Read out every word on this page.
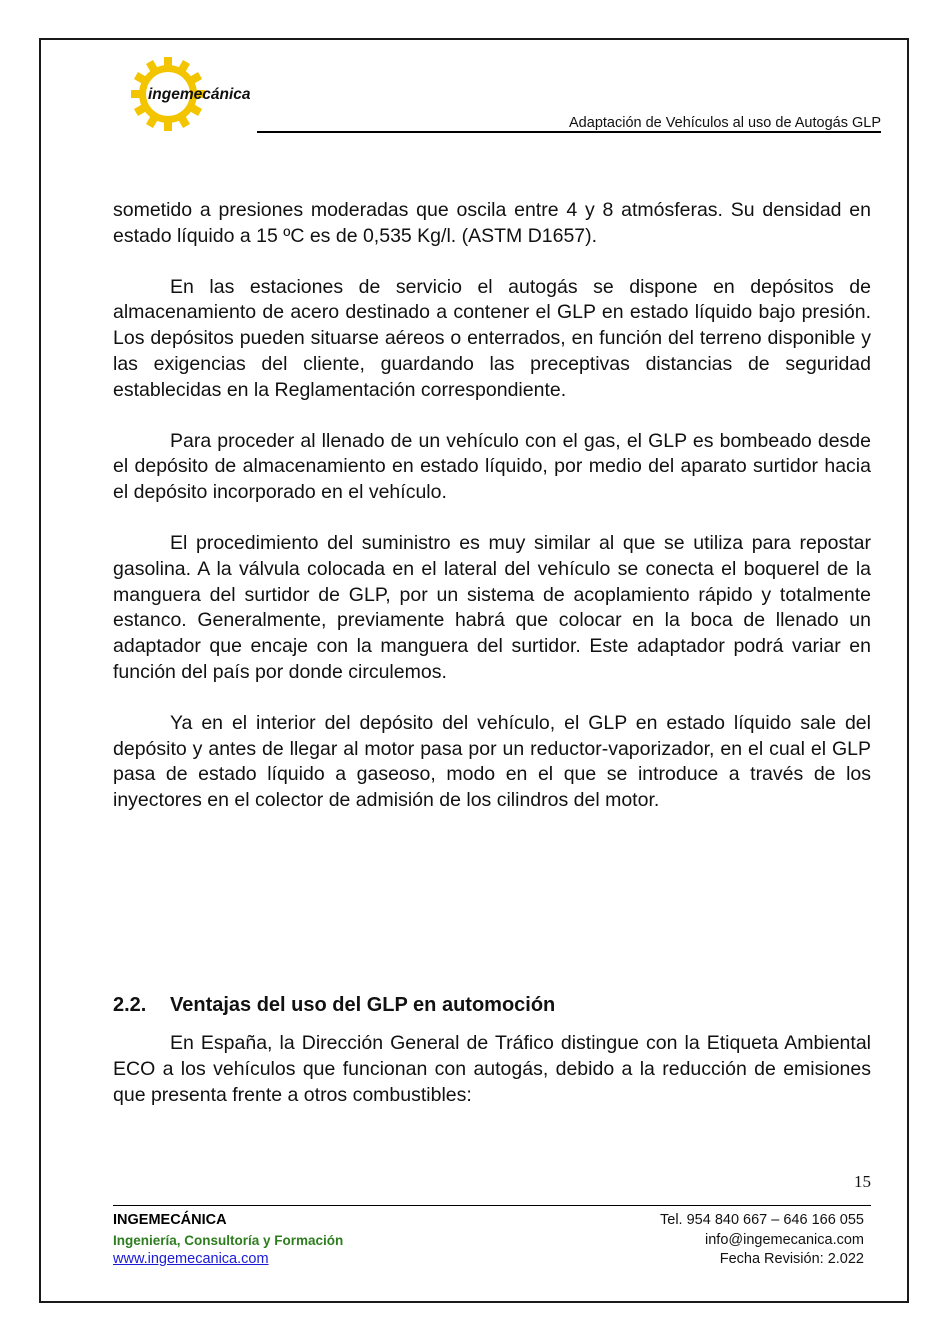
ingemecánica
Adaptación de Vehículos al uso de Autogás GLP

sometido a presiones moderadas que oscila entre 4 y 8 atmósferas. Su densidad en estado líquido a 15 ºC es de 0,535 Kg/l. (ASTM D1657).

En las estaciones de servicio el autogás se dispone en depósitos de almacenamiento de acero destinado a contener el GLP en estado líquido bajo presión. Los depósitos pueden situarse aéreos o enterrados, en función del terreno disponible y las exigencias del cliente, guardando las preceptivas distancias de seguridad establecidas en la Reglamentación correspondiente.

Para proceder al llenado de un vehículo con el gas, el GLP es bombeado desde el depósito de almacenamiento en estado líquido, por medio del aparato surtidor hacia el depósito incorporado en el vehículo.

El procedimiento del suministro es muy similar al que se utiliza para repostar gasolina. A la válvula colocada en el lateral del vehículo se conecta el boquerel de la manguera del surtidor de GLP, por un sistema de acoplamiento rápido y totalmente estanco. Generalmente, previamente habrá que colocar en la boca de llenado un adaptador que encaje con la manguera del surtidor. Este adaptador podrá variar en función del país por donde circulemos.

Ya en el interior del depósito del vehículo, el GLP en estado líquido sale del depósito y antes de llegar al motor pasa por un reductor-vaporizador, en el cual el GLP pasa de estado líquido a gaseoso, modo en el que se introduce a través de los inyectores en el colector de admisión de los cilindros del motor.

2.2.	Ventajas del uso del GLP en automoción

En España, la Dirección General de Tráfico distingue con la Etiqueta Ambiental ECO a los vehículos que funcionan con autogás, debido a la reducción de emisiones que presenta frente a otros combustibles:

15
INGEMECÁNICA
Ingeniería, Consultoría y Formación
www.ingemecanica.com
Tel. 954 840 667 – 646 166 055
info@ingemecanica.com
Fecha Revisión: 2.022
